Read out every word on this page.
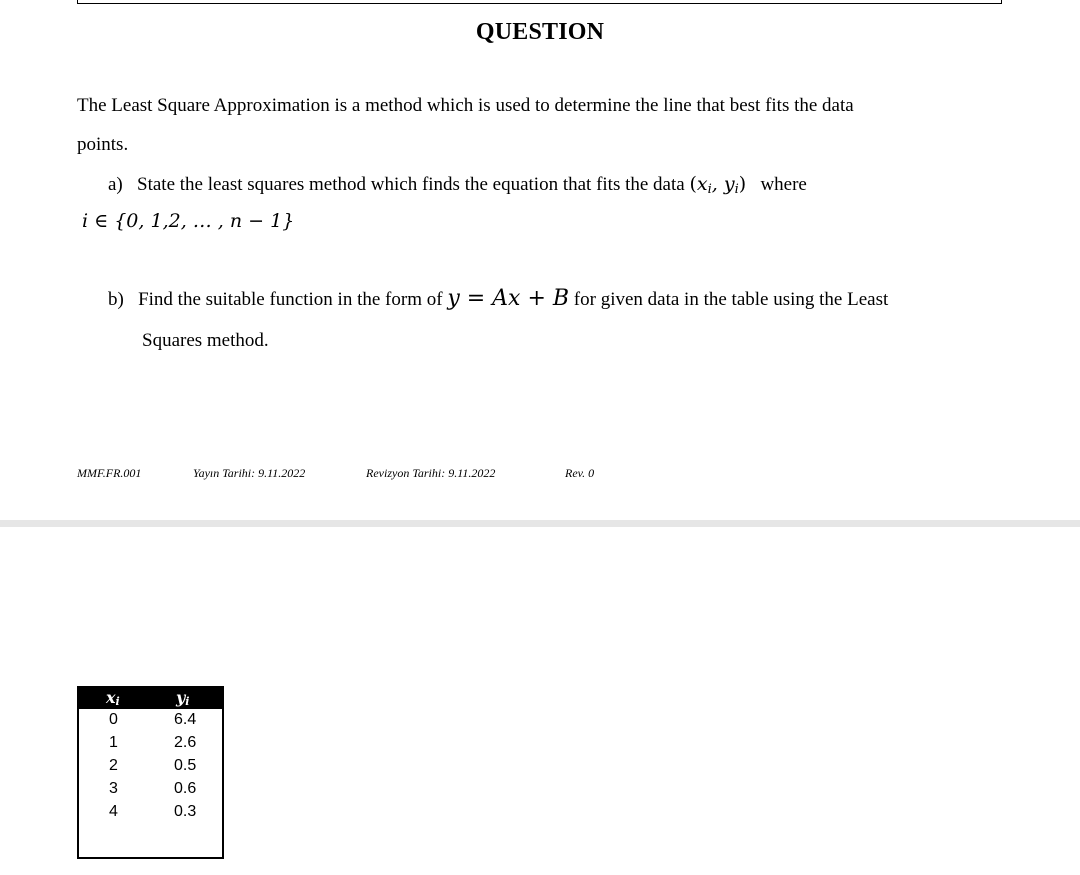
QUESTION
The Least Square Approximation is a method which is used to determine the line that best fits the data
points.
a) State the least squares method which finds the equation that fits the data ($x_i$, $y_i$) where
i ∈ {0, 1,2, … , n − 1}
b) Find the suitable function in the form of y = Ax + B for given data in the table using the Least
Squares method.
MMF.FR.001	Yayın Tarihi: 9.11.2022	Revizyon Tarihi: 9.11.2022	Rev. 0
$x_i$	$y_i$
0	6.4
1	2.6
2	0.5
3	0.6
4	0.3
